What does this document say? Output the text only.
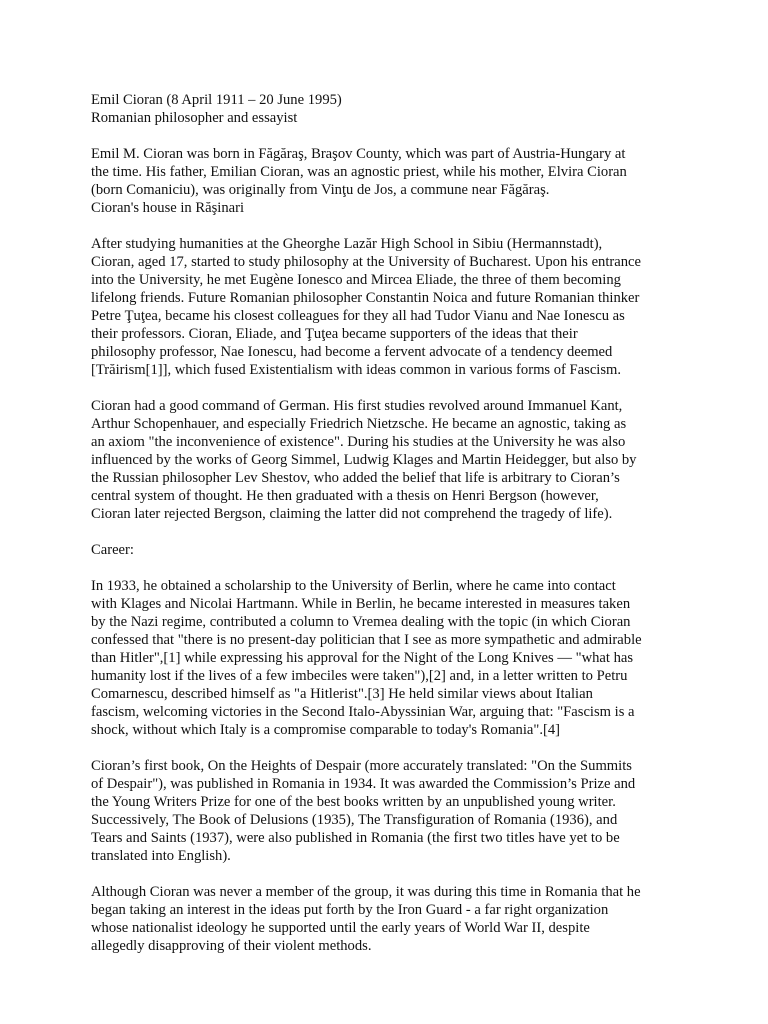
Emil Cioran (8 April 1911 – 20 June 1995)
Romanian philosopher and essayist
Emil M. Cioran was born in Făgăraş, Braşov County, which was part of Austria-Hungary at
the time. His father, Emilian Cioran, was an agnostic priest, while his mother, Elvira Cioran
(born Comaniciu), was originally from Vinţu de Jos, a commune near Făgăraş.
Cioran's house in Răşinari
After studying humanities at the Gheorghe Lazăr High School in Sibiu (Hermannstadt),
Cioran, aged 17, started to study philosophy at the University of Bucharest. Upon his entrance
into the University, he met Eugène Ionesco and Mircea Eliade, the three of them becoming
lifelong friends. Future Romanian philosopher Constantin Noica and future Romanian thinker
Petre Ţuţea, became his closest colleagues for they all had Tudor Vianu and Nae Ionescu as
their professors. Cioran, Eliade, and Ţuţea became supporters of the ideas that their
philosophy professor, Nae Ionescu, had become a fervent advocate of a tendency deemed
[Trăirism[1]], which fused Existentialism with ideas common in various forms of Fascism.
Cioran had a good command of German. His first studies revolved around Immanuel Kant,
Arthur Schopenhauer, and especially Friedrich Nietzsche. He became an agnostic, taking as
an axiom "the inconvenience of existence". During his studies at the University he was also
influenced by the works of Georg Simmel, Ludwig Klages and Martin Heidegger, but also by
the Russian philosopher Lev Shestov, who added the belief that life is arbitrary to Cioran’s
central system of thought. He then graduated with a thesis on Henri Bergson (however,
Cioran later rejected Bergson, claiming the latter did not comprehend the tragedy of life).
Career:
In 1933, he obtained a scholarship to the University of Berlin, where he came into contact
with Klages and Nicolai Hartmann. While in Berlin, he became interested in measures taken
by the Nazi regime, contributed a column to Vremea dealing with the topic (in which Cioran
confessed that "there is no present-day politician that I see as more sympathetic and admirable
than Hitler",[1] while expressing his approval for the Night of the Long Knives — "what has
humanity lost if the lives of a few imbeciles were taken"),[2] and, in a letter written to Petru
Comarnescu, described himself as "a Hitlerist".[3] He held similar views about Italian
fascism, welcoming victories in the Second Italo-Abyssinian War, arguing that: "Fascism is a
shock, without which Italy is a compromise comparable to today's Romania".[4]
Cioran’s first book, On the Heights of Despair (more accurately translated: "On the Summits
of Despair"), was published in Romania in 1934. It was awarded the Commission’s Prize and
the Young Writers Prize for one of the best books written by an unpublished young writer.
Successively, The Book of Delusions (1935), The Transfiguration of Romania (1936), and
Tears and Saints (1937), were also published in Romania (the first two titles have yet to be
translated into English).
Although Cioran was never a member of the group, it was during this time in Romania that he
began taking an interest in the ideas put forth by the Iron Guard - a far right organization
whose nationalist ideology he supported until the early years of World War II, despite
allegedly disapproving of their violent methods.
